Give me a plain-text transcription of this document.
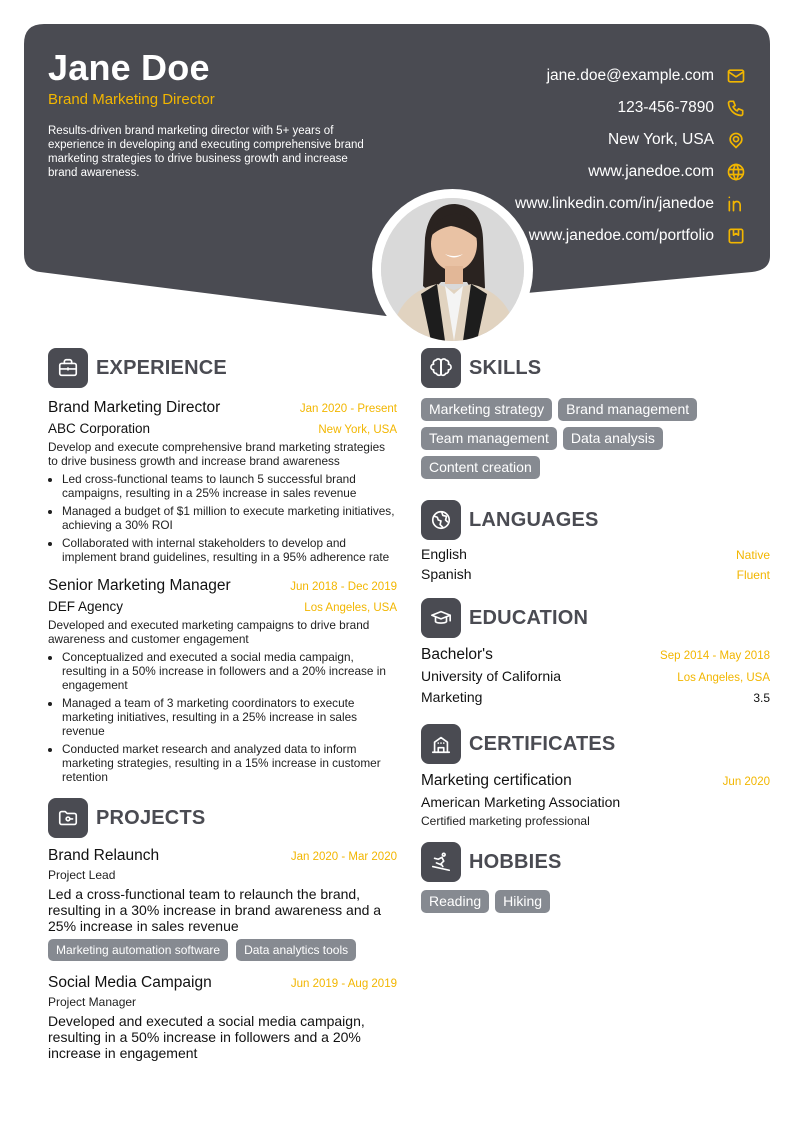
Jane Doe
Brand Marketing Director
Results-driven brand marketing director with 5+ years of experience in developing and executing comprehensive brand marketing strategies to drive business growth and increase brand awareness.
jane.doe@example.com
123-456-7890
New York, USA
www.janedoe.com
www.linkedin.com/in/janedoe
www.janedoe.com/portfolio
EXPERIENCE
Brand Marketing Director	Jan 2020 - Present
ABC Corporation	New York, USA
Develop and execute comprehensive brand marketing strategies to drive business growth and increase brand awareness
• Led cross-functional teams to launch 5 successful brand campaigns, resulting in a 25% increase in sales revenue
• Managed a budget of $1 million to execute marketing initiatives, achieving a 30% ROI
• Collaborated with internal stakeholders to develop and implement brand guidelines, resulting in a 95% adherence rate
Senior Marketing Manager	Jun 2018 - Dec 2019
DEF Agency	Los Angeles, USA
Developed and executed marketing campaigns to drive brand awareness and customer engagement
• Conceptualized and executed a social media campaign, resulting in a 50% increase in followers and a 20% increase in engagement
• Managed a team of 3 marketing coordinators to execute marketing initiatives, resulting in a 25% increase in sales revenue
• Conducted market research and analyzed data to inform marketing strategies, resulting in a 15% increase in customer retention
PROJECTS
Brand Relaunch	Jan 2020 - Mar 2020
Project Lead
Led a cross-functional team to relaunch the brand, resulting in a 30% increase in brand awareness and a 25% increase in sales revenue
Marketing automation software	Data analytics tools
Social Media Campaign	Jun 2019 - Aug 2019
Project Manager
Developed and executed a social media campaign, resulting in a 50% increase in followers and a 20% increase in engagement
SKILLS
Marketing strategy	Brand management
Team management	Data analysis
Content creation
LANGUAGES
English	Native
Spanish	Fluent
EDUCATION
Bachelor's	Sep 2014 - May 2018
University of California	Los Angeles, USA
Marketing	3.5
CERTIFICATES
Marketing certification	Jun 2020
American Marketing Association
Certified marketing professional
HOBBIES
Reading	Hiking
